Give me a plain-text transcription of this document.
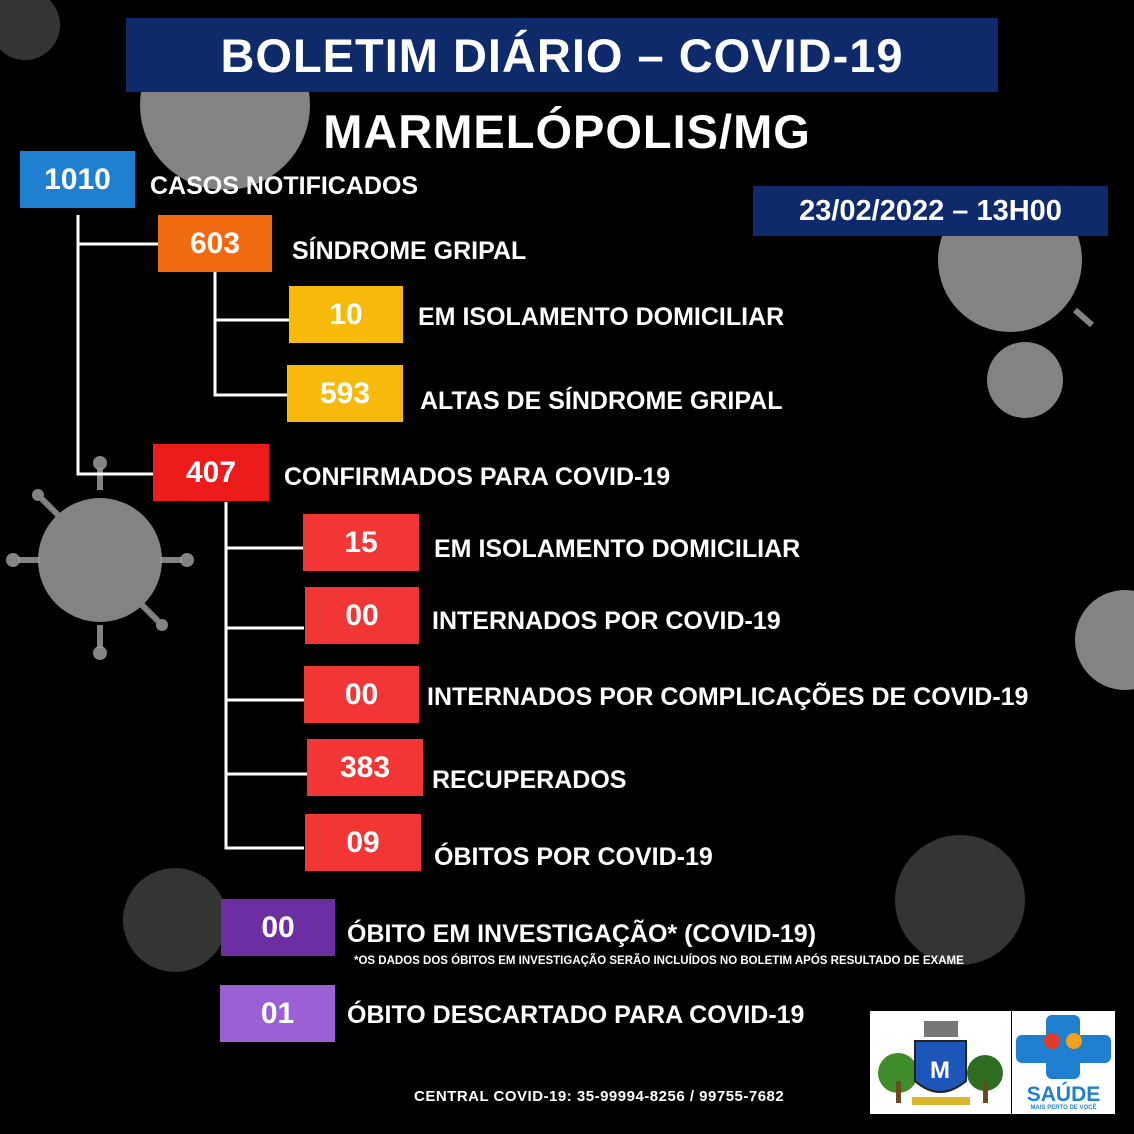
BOLETIM DIÁRIO – COVID-19
MARMELÓPOLIS/MG
23/02/2022 – 13H00
1010	CASOS NOTIFICADOS
603	SÍNDROME GRIPAL
10	EM ISOLAMENTO DOMICILIAR
593	ALTAS DE SÍNDROME GRIPAL
407	CONFIRMADOS PARA COVID-19
15	EM ISOLAMENTO DOMICILIAR
00	INTERNADOS POR COVID-19
00	INTERNADOS POR COMPLICAÇÕES DE COVID-19
383	RECUPERADOS
09	ÓBITOS POR COVID-19
00	ÓBITO EM INVESTIGAÇÃO* (COVID-19)
*OS DADOS DOS ÓBITOS EM INVESTIGAÇÃO SERÃO INCLUÍDOS NO BOLETIM APÓS RESULTADO DE EXAME
01	ÓBITO DESCARTADO PARA COVID-19
CENTRAL COVID-19: 35-99994-8256 / 99755-7682
M
SAÚDE
MAIS PERTO DE VOCÊ
